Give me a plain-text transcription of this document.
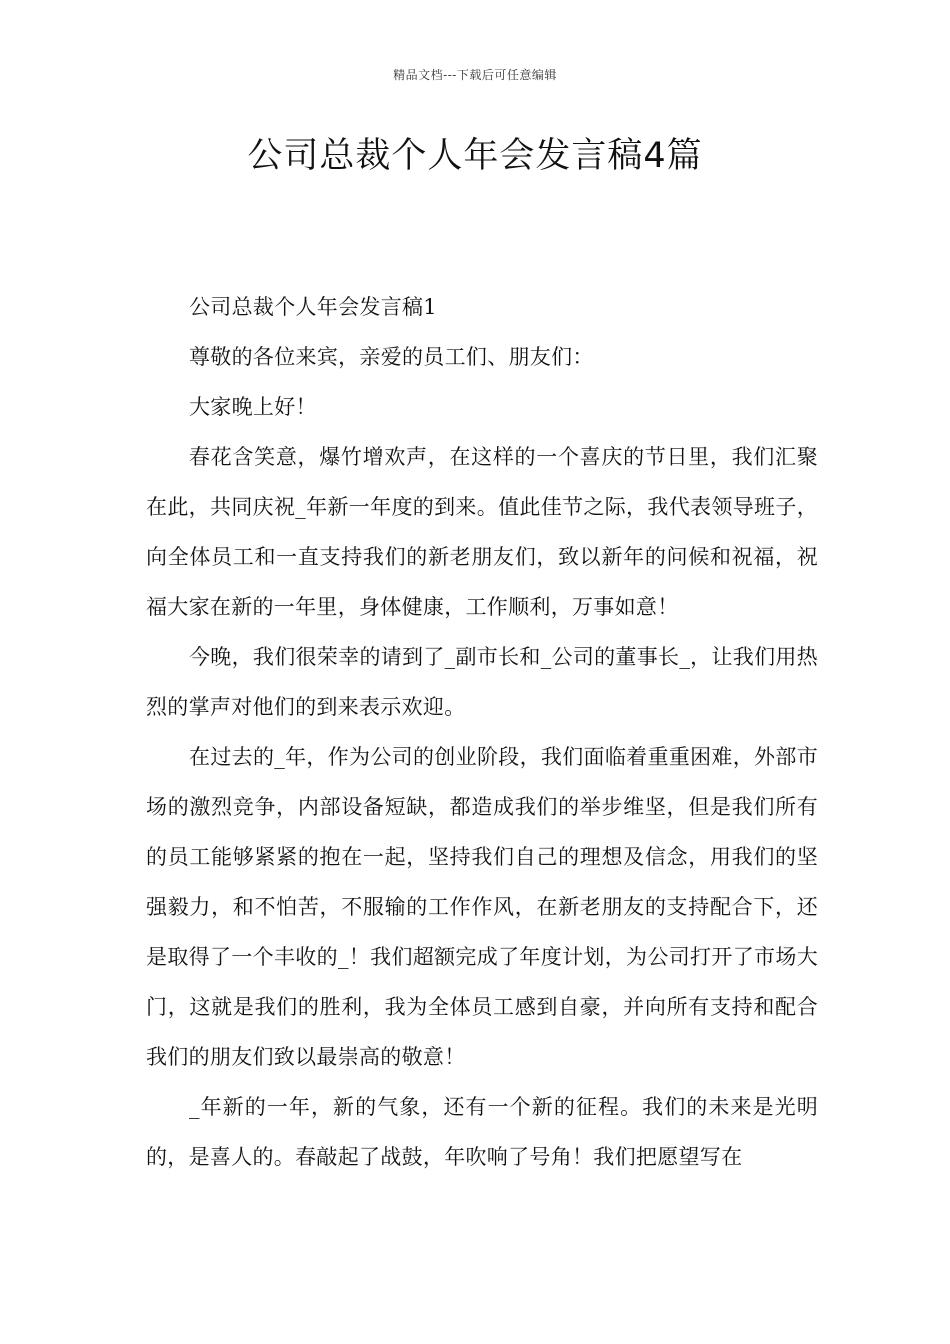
精品文档---下载后可任意编辑
公司总裁个人年会发言稿4篇

公司总裁个人年会发言稿1

尊敬的各位来宾，亲爱的员工们、朋友们：

大家晚上好！

春花含笑意，爆竹增欢声，在这样的一个喜庆的节日里，我们汇聚在此，共同庆祝_年新一年度的到来。值此佳节之际，我代表领导班子，向全体员工和一直支持我们的新老朋友们，致以新年的问候和祝福，祝福大家在新的一年里，身体健康，工作顺利，万事如意！

今晚，我们很荣幸的请到了_副市长和_公司的董事长_，让我们用热烈的掌声对他们的到来表示欢迎。

在过去的_年，作为公司的创业阶段，我们面临着重重困难，外部市场的激烈竞争，内部设备短缺，都造成我们的举步维坚，但是我们所有的员工能够紧紧的抱在一起，坚持我们自己的理想及信念，用我们的坚强毅力，和不怕苦，不服输的工作作风，在新老朋友的支持配合下，还是取得了一个丰收的_！我们超额完成了年度计划，为公司打开了市场大门，这就是我们的胜利，我为全体员工感到自豪，并向所有支持和配合我们的朋友们致以最崇高的敬意！

_年新的一年，新的气象，还有一个新的征程。我们的未来是光明的，是喜人的。春敲起了战鼓，年吹响了号角！我们把愿望写在
